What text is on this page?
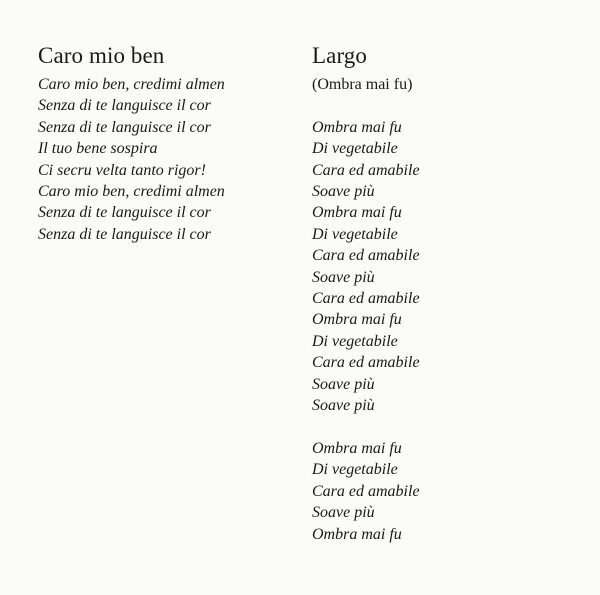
Caro mio ben
Caro mio ben, credimi almen
Senza di te languisce il cor
Senza di te languisce il cor
Il tuo bene sospira
Ci secru velta tanto rigor!
Caro mio ben, credimi almen
Senza di te languisce il cor
Senza di te languisce il cor
Largo

(Ombra mai fu)

Ombra mai fu
Di vegetabile
Cara ed amabile
Soave più
Ombra mai fu
Di vegetabile
Cara ed amabile
Soave più
Cara ed amabile
Ombra mai fu
Di vegetabile
Cara ed amabile
Soave più
Soave più
Ombra mai fu
Di vegetabile
Cara ed amabile
Soave più
Ombra mai fu
